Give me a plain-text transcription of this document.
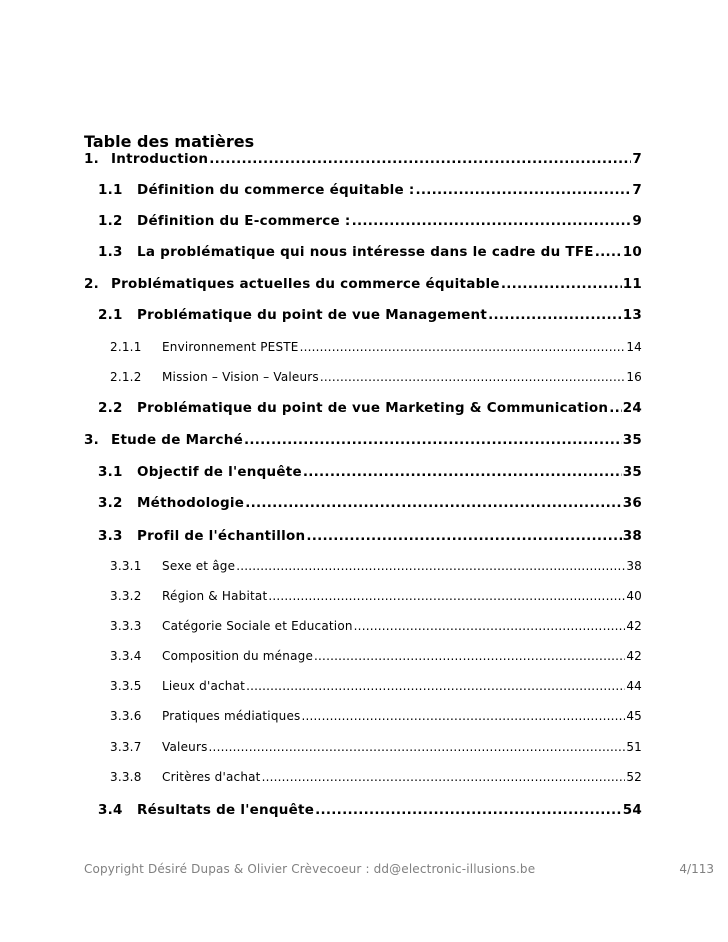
Table des matières
1. Introduction .....	7
1.1	Définition du commerce équitable : .....	7
1.2	Définition du E-commerce : .....	9
1.3	La problématique qui nous intéresse dans le cadre du TFE ..... 10
2. Problématiques actuelles du commerce équitable .....	11
2.1	Problématique du point de vue Management .....	13
2.1.1	Environnement PESTE .....	14
2.1.2	Mission – Vision – Valeurs .....	16
2.2	Problématique du point de vue Marketing & Communication ..... 24
3. Etude de Marché .....	35
3.1	Objectif de l'enquête .....	35
3.2	Méthodologie .....	36
3.3	Profil de l'échantillon .....	38
3.3.1	Sexe et âge .....	38
3.3.2	Région & Habitat .....	40
3.3.3	Catégorie Sociale et Education .....	42
3.3.4	Composition du ménage .....	42
3.3.5	Lieux d'achat .....	44
3.3.6	Pratiques médiatiques .....	45
3.3.7	Valeurs .....	51
3.3.8	Critères d'achat .....	52
3.4	Résultats de l'enquête .....	54
Copyright Désiré Dupas & Olivier Crèvecoeur : dd@electronic-illusions.be	4/113
